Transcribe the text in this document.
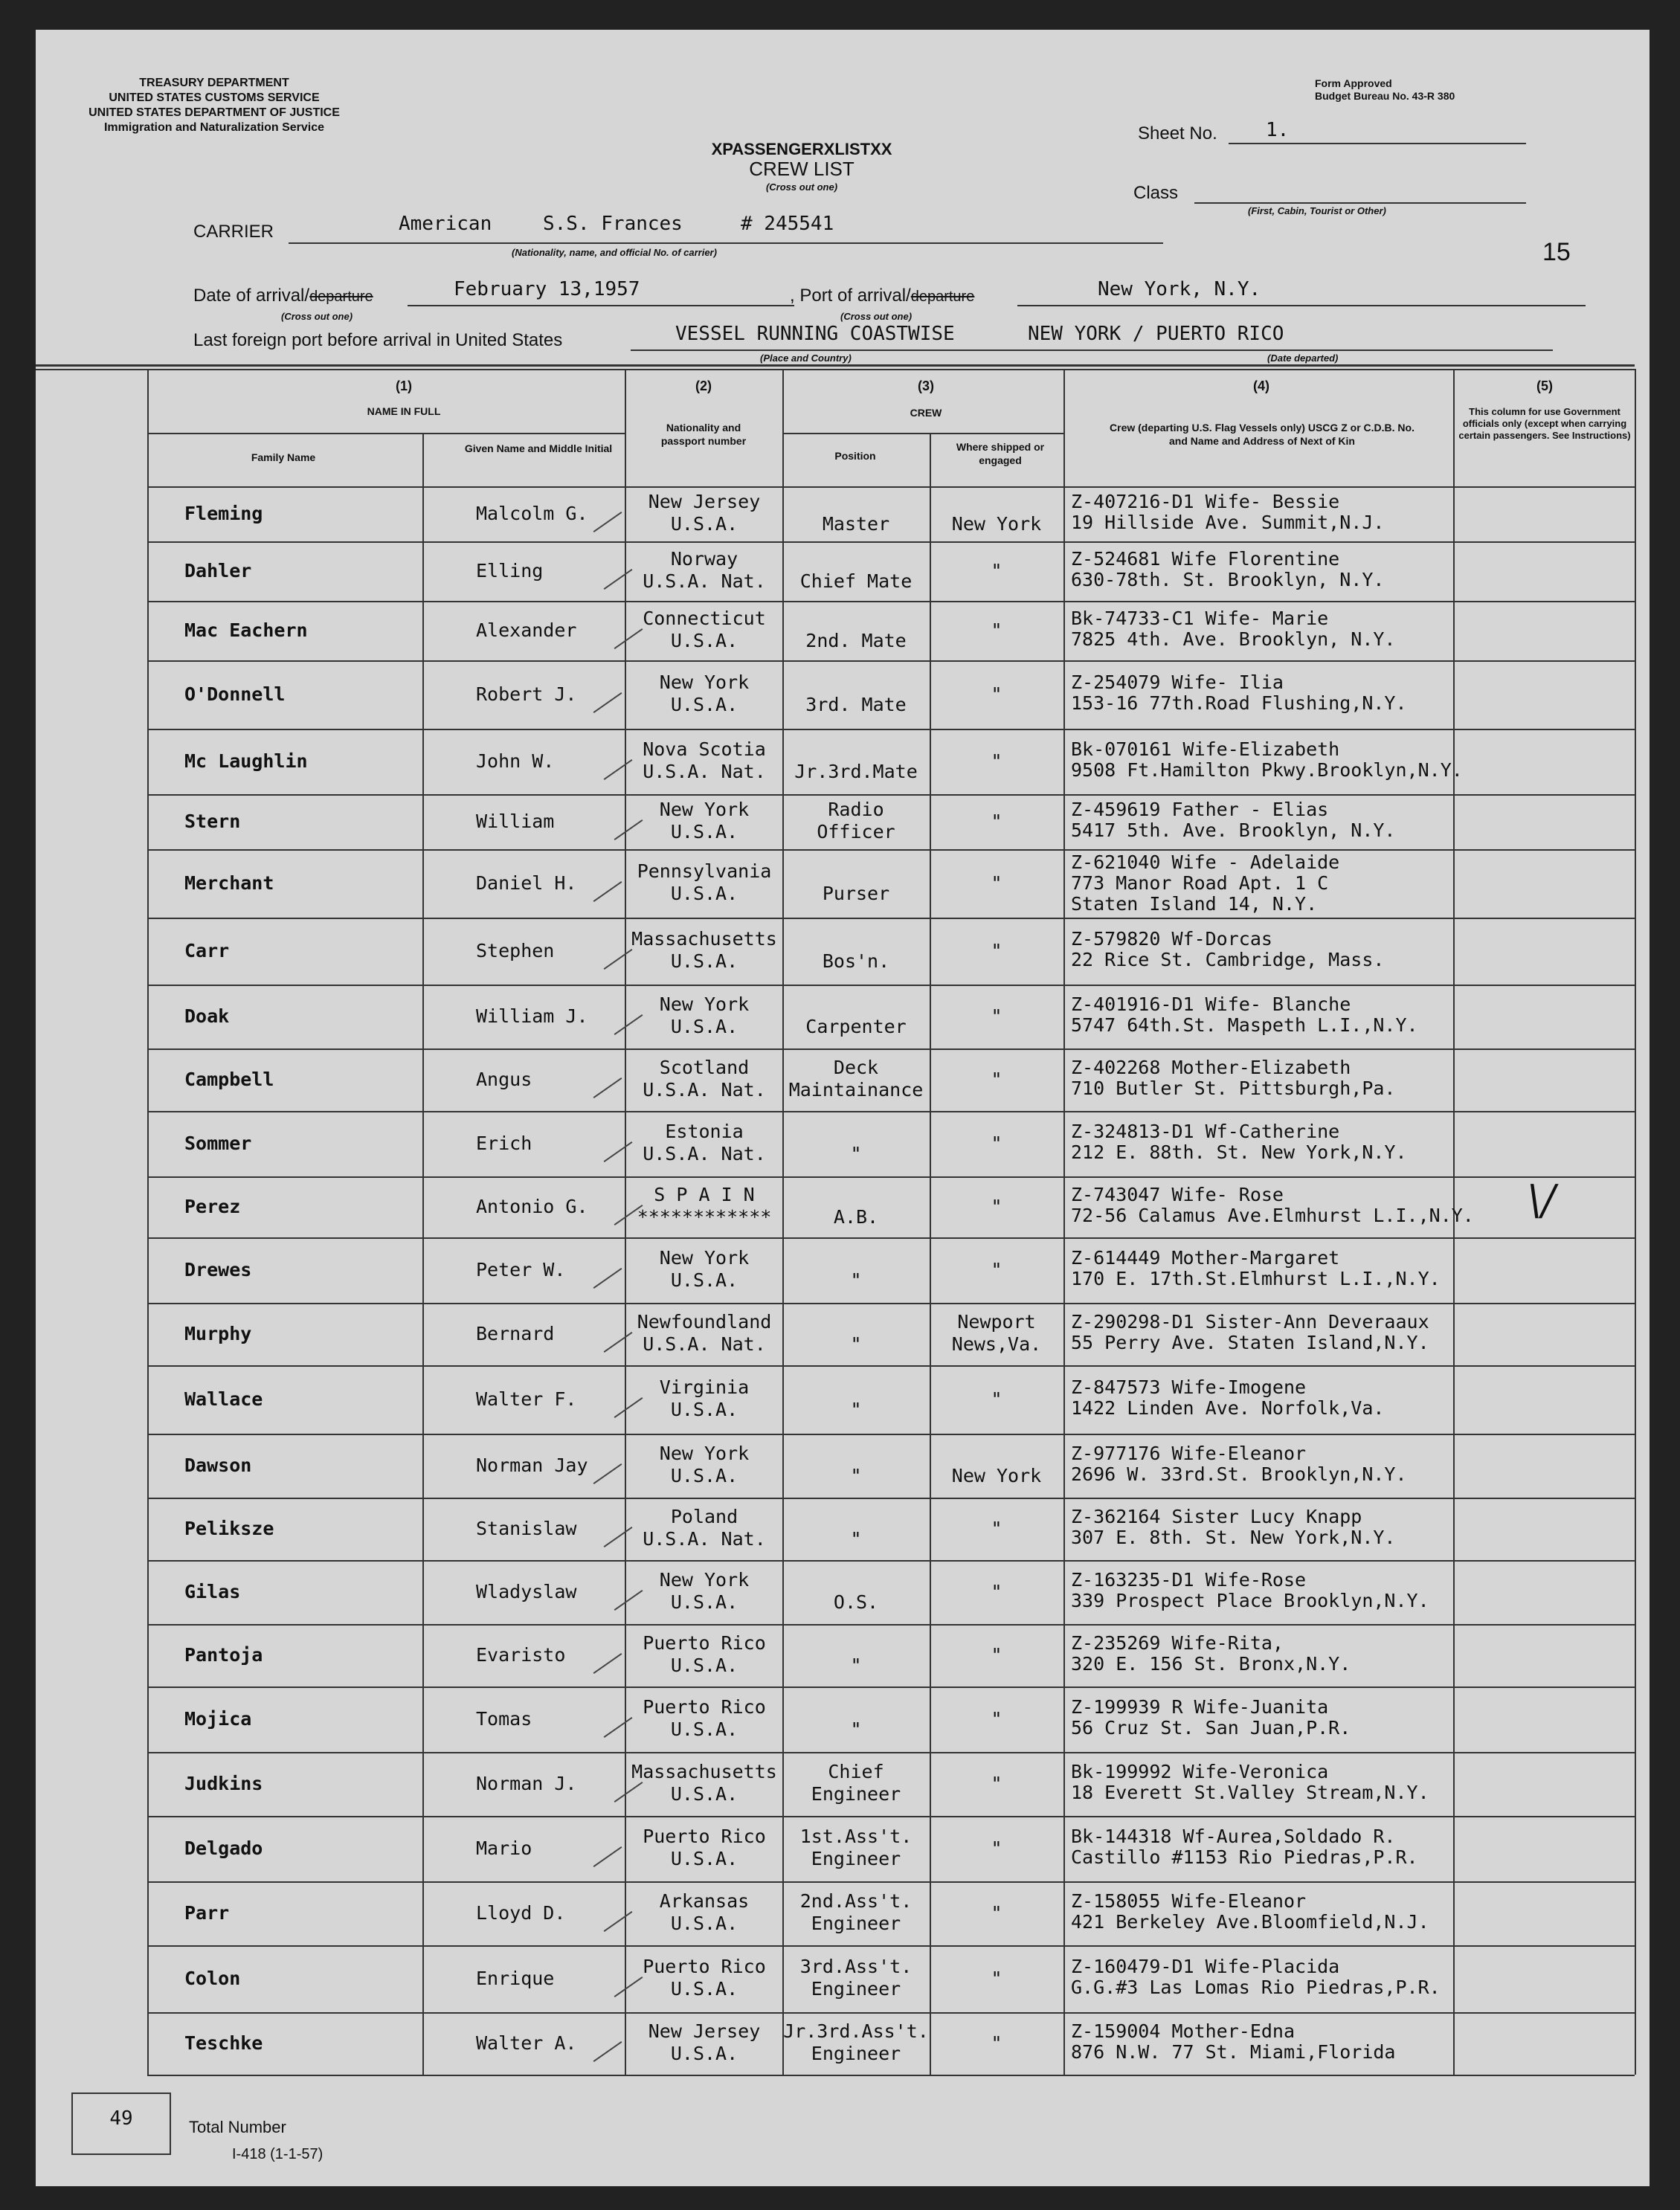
TREASURY DEPARTMENT
UNITED STATES CUSTOMS SERVICE
UNITED STATES DEPARTMENT OF JUSTICE
Immigration and Naturalization Service
Form Approved
Budget Bureau No. 43-R 380
XPASSENGERXLISTXX
CREW LIST
(Cross out one)
Sheet No.	1.
Class
(First, Cabin, Tourist or Other)
15
CARRIER	American	S.S. Frances	# 245541
(Nationality, name, and official No. of carrier)
Date of arrival/departure
(Cross out one)
February 13,1957	, Port of arrival/departure
(Cross out one)
New York, N.Y.
Last foreign port before arrival in United States	VESSEL RUNNING COASTWISE	NEW YORK / PUERTO RICO
(Place and Country)	(Date departed)
(1)
NAME IN FULL
Family Name
Given Name and Middle Initial
(2)
Nationality and passport number
(3)
CREW
Position
Where shipped or engaged
(4)
Crew (departing U.S. Flag Vessels only) USCG Z or C.D.B. No. and Name and Address of Next of Kin
(5)
This column for use Government officials only (except when carrying certain passengers. See Instructions)
Fleming	Malcolm G.
New Jersey
U.S.A.	Master	New York
Z-407216-D1 Wife- Bessie
19 Hillside Ave. Summit,N.J.
Dahler	Elling
Norway
U.S.A. Nat.	Chief Mate	"
Z-524681 Wife Florentine
630-78th. St. Brooklyn, N.Y.
Mac Eachern	Alexander
Connecticut
U.S.A.	2nd. Mate	"
Bk-74733-C1 Wife- Marie
7825 4th. Ave. Brooklyn, N.Y.
O'Donnell	Robert J.
New York
U.S.A.	3rd. Mate	"
Z-254079 Wife- Ilia
153-16 77th.Road Flushing,N.Y.
Mc Laughlin	John W.
Nova Scotia
U.S.A. Nat.	Jr.3rd.Mate	"
Bk-070161 Wife-Elizabeth
9508 Ft.Hamilton Pkwy.Brooklyn,N.Y.
Stern	William
New York
U.S.A.
Radio
Officer	"
Z-459619 Father - Elias
5417 5th. Ave. Brooklyn, N.Y.
Merchant	Daniel H.
Pennsylvania
U.S.A.	Purser	"
Z-621040 Wife - Adelaide
773 Manor Road Apt. 1 C
Staten Island 14, N.Y.
Carr	Stephen
Massachusetts
U.S.A.	Bos'n.	"
Z-579820 Wf-Dorcas
22 Rice St. Cambridge, Mass.
Doak	William J.
New York
U.S.A.	Carpenter	"
Z-401916-D1 Wife- Blanche
5747 64th.St. Maspeth L.I.,N.Y.
Campbell	Angus
Scotland
U.S.A. Nat.
Deck
Maintainance	"
Z-402268 Mother-Elizabeth
710 Butler St. Pittsburgh,Pa.
Sommer	Erich
Estonia
U.S.A. Nat.	"	"
Z-324813-D1 Wf-Catherine
212 E. 88th. St. New York,N.Y.
Perez	Antonio G.
S P A I N
************	A.B.	"
Z-743047 Wife- Rose
72-56 Calamus Ave.Elmhurst L.I.,N.Y.
Drewes	Peter W.
New York
U.S.A.	"	"
Z-614449 Mother-Margaret
170 E. 17th.St.Elmhurst L.I.,N.Y.
Murphy	Bernard
Newfoundland
U.S.A. Nat.	"
Newport
News,Va.
Z-290298-D1 Sister-Ann Deveraaux
55 Perry Ave. Staten Island,N.Y.
Wallace	Walter F.
Virginia
U.S.A.	"	"
Z-847573 Wife-Imogene
1422 Linden Ave. Norfolk,Va.
Dawson	Norman Jay
New York
U.S.A.	"	New York
Z-977176 Wife-Eleanor
2696 W. 33rd.St. Brooklyn,N.Y.
Peliksze	Stanislaw
Poland
U.S.A. Nat.	"	"
Z-362164 Sister Lucy Knapp
307 E. 8th. St. New York,N.Y.
Gilas	Wladyslaw
New York
U.S.A.	O.S.	"
Z-163235-D1 Wife-Rose
339 Prospect Place Brooklyn,N.Y.
Pantoja	Evaristo
Puerto Rico
U.S.A.	"	"
Z-235269 Wife-Rita,
320 E. 156 St. Bronx,N.Y.
Mojica	Tomas
Puerto Rico
U.S.A.	"	"
Z-199939 R Wife-Juanita
56 Cruz St. San Juan,P.R.
Judkins	Norman J.
Massachusetts
U.S.A.
Chief
Engineer	"
Bk-199992 Wife-Veronica
18 Everett St.Valley Stream,N.Y.
Delgado	Mario
Puerto Rico
U.S.A.
1st.Ass't.
Engineer	"
Bk-144318 Wf-Aurea,Soldado R.
Castillo #1153 Rio Piedras,P.R.
Parr	Lloyd D.
Arkansas
U.S.A.
2nd.Ass't.
Engineer	"
Z-158055 Wife-Eleanor
421 Berkeley Ave.Bloomfield,N.J.
Colon	Enrique
Puerto Rico
U.S.A.
3rd.Ass't.
Engineer	"
Z-160479-D1 Wife-Placida
G.G.#3 Las Lomas Rio Piedras,P.R.
Teschke	Walter A.
New Jersey
U.S.A.
Jr.3rd.Ass't.
Engineer	"
Z-159004 Mother-Edna
876 N.W. 77 St. Miami,Florida
\/
49	Total Number
I-418 (1-1-57)
